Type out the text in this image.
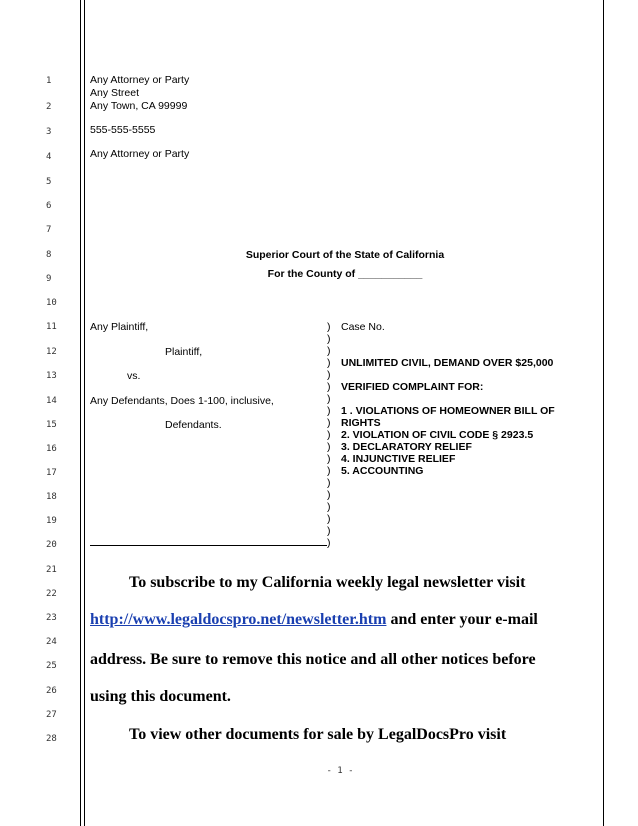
1
2
3
4
5
6
7
8
9
10
11
12
13
14
15
16
17
18
19
20
21
22
23
24
25
26
27
28
Any Attorney or Party
Any Street
Any Town, CA 99999
555-555-5555
Any Attorney or Party
Superior Court of the State of California
For the County of ___________
Any Plaintiff,
Plaintiff,
vs.
Any Defendants, Does 1-100, inclusive,
Defendants.
)
)
)
)
)
)
)
)
)
)
)
)
)
)
)
)
)
)
)
Case No.
UNLIMITED CIVIL, DEMAND OVER $25,000
VERIFIED COMPLAINT FOR:
1 . VIOLATIONS OF HOMEOWNER BILL OF
RIGHTS
2. VIOLATION OF CIVIL CODE § 2923.5
3. DECLARATORY RELIEF
4. INJUNCTIVE RELIEF
5. ACCOUNTING
To subscribe to my California weekly legal newsletter visit
http://www.legaldocspro.net/newsletter.htm and enter your e-mail
address. Be sure to remove this notice and all other notices before
using this document.
To view other documents for sale by LegalDocsPro visit
- 1 -
